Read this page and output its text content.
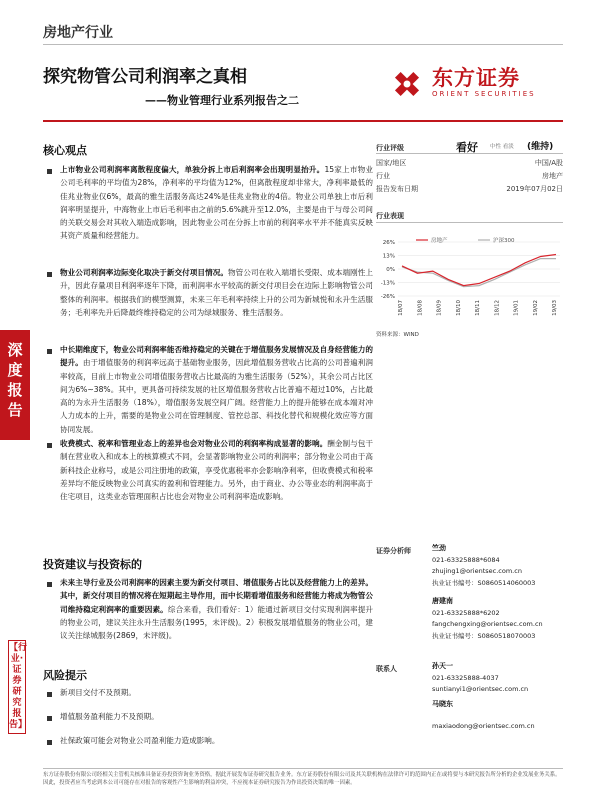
房地产行业
探究物管公司利润率之真相
——物业管理行业系列报告之二
东方证券
ORIENT SECURITIES
深度报告
【行业·证券研究报告】
核心观点
上市物业公司利润率离散程度偏大，单独分拆上市后利润率会出现明显抬升。15家上市物业公司毛利率的平均值为28%，净利率的平均值为12%，但离散程度却非常大，净利率最低的佳兆业物业仅6%，最高的雅生活服务高达24%是佳兆业物业的4倍。物业公司单独上市后利润率明显提升，中海物业上市后毛利率由之前的5.6%跳升至12.0%，主要是由于与母公司间的关联交易会对其收入端造成影响，因此物业公司在分拆上市前的利润率水平并不能真实反映其资产质量和经营能力。
物业公司利润率边际变化取决于新交付项目情况。物管公司在收入端增长受限、成本端刚性上升，因此存量项目利润率逐年下降，而利润率水平较高的新交付项目会在边际上影响物管公司整体的利润率。根据我们的模型测算，未来三年毛利率持续上升的公司为新城悦和永升生活服务；毛利率先升后降最终维持稳定的公司为绿城服务、雅生活服务。
中长期维度下，物业公司利润率能否维持稳定的关键在于增值服务发展情况及自身经营能力的提升。由于增值服务的利润率远高于基础物业服务，因此增值服务营收占比高的公司普遍利润率较高，目前上市物业公司增值服务营收占比最高的为雅生活服务（52%），其余公司占比区间为6%~38%。其中，更具备可持续发展的社区增值服务营收占比普遍不超过10%，占比最高的为永升生活服务（18%），增值服务发展空间广阔。经营能力上的提升能够在成本端对冲人力成本的上升，需要的是物业公司在管理制度、管控总部、科技化替代和规模化效应等方面协同发展。
收费模式、税率和管理业态上的差异也会对物业公司的利润率构成显著的影响。酬金制与包干制在营业收入和成本上的核算模式不同，会显著影响物业公司的利润率；部分物业公司由于高新科技企业称号，或是公司注册地的政策，享受优惠税率亦会影响净利率，但收费模式和税率差异均不能反映物业公司真实的盈利和管理能力。另外，由于商业、办公等业态的利润率高于住宅项目，这类业态管理面积占比也会对物业公司利润率造成影响。
投资建议与投资标的
未来主导行业及公司利润率的因素主要为新交付项目、增值服务占比以及经营能力上的差异。其中，新交付项目的情况将在短期起主导作用，而中长期看增值服务和经营能力将成为物管公司维持稳定利润率的重要因素。综合来看，我们看好：1）能通过新项目交付实现利润率提升的物业公司，建议关注永升生活服务(1995，未评级)。2）积极发展增值服务的物业公司，建议关注绿城服务(2869，未评级)。
风险提示
新项目交付不及预期。
增值服务盈利能力不及预期。
社保政策可能会对物业公司盈利能力造成影响。
行业评级	看好 中性 看淡 (维持)
国家/地区	中国/A股
行业	房地产
报告发布日期	2019年07月02日
行业表现
26%
13%
0%
-13%
-26%
18/07 18/08 18/09 18/10 18/11 18/12 19/01 19/02 19/03
房地产	沪深300
资料来源：WIND
证券分析师	竺劲
021-63325888*6084
zhujing1@orientsec.com.cn
执业证书编号：S0860514060003
唐建南
021-63325888*6202
fangchengxing@orientsec.com.cn
执业证书编号：S0860518070003
联系人	孙天一
021-63325888-4037
suntianyi1@orientsec.com.cn
马晓东
maxiaodong@orientsec.com.cn
东方证券股份有限公司经相关主管机关核准具备证券投资咨询业务资格，据此开展发布证券研究报告业务。东方证券股份有限公司及其关联机构在法律许可的范围内正在或将要与本研究报告所分析的企业发展业务关系。因此，投资者应当考虑到本公司可能存在对报告的客观性产生影响的利益冲突，不应视本证券研究报告为作出投资决策的唯一因素。
